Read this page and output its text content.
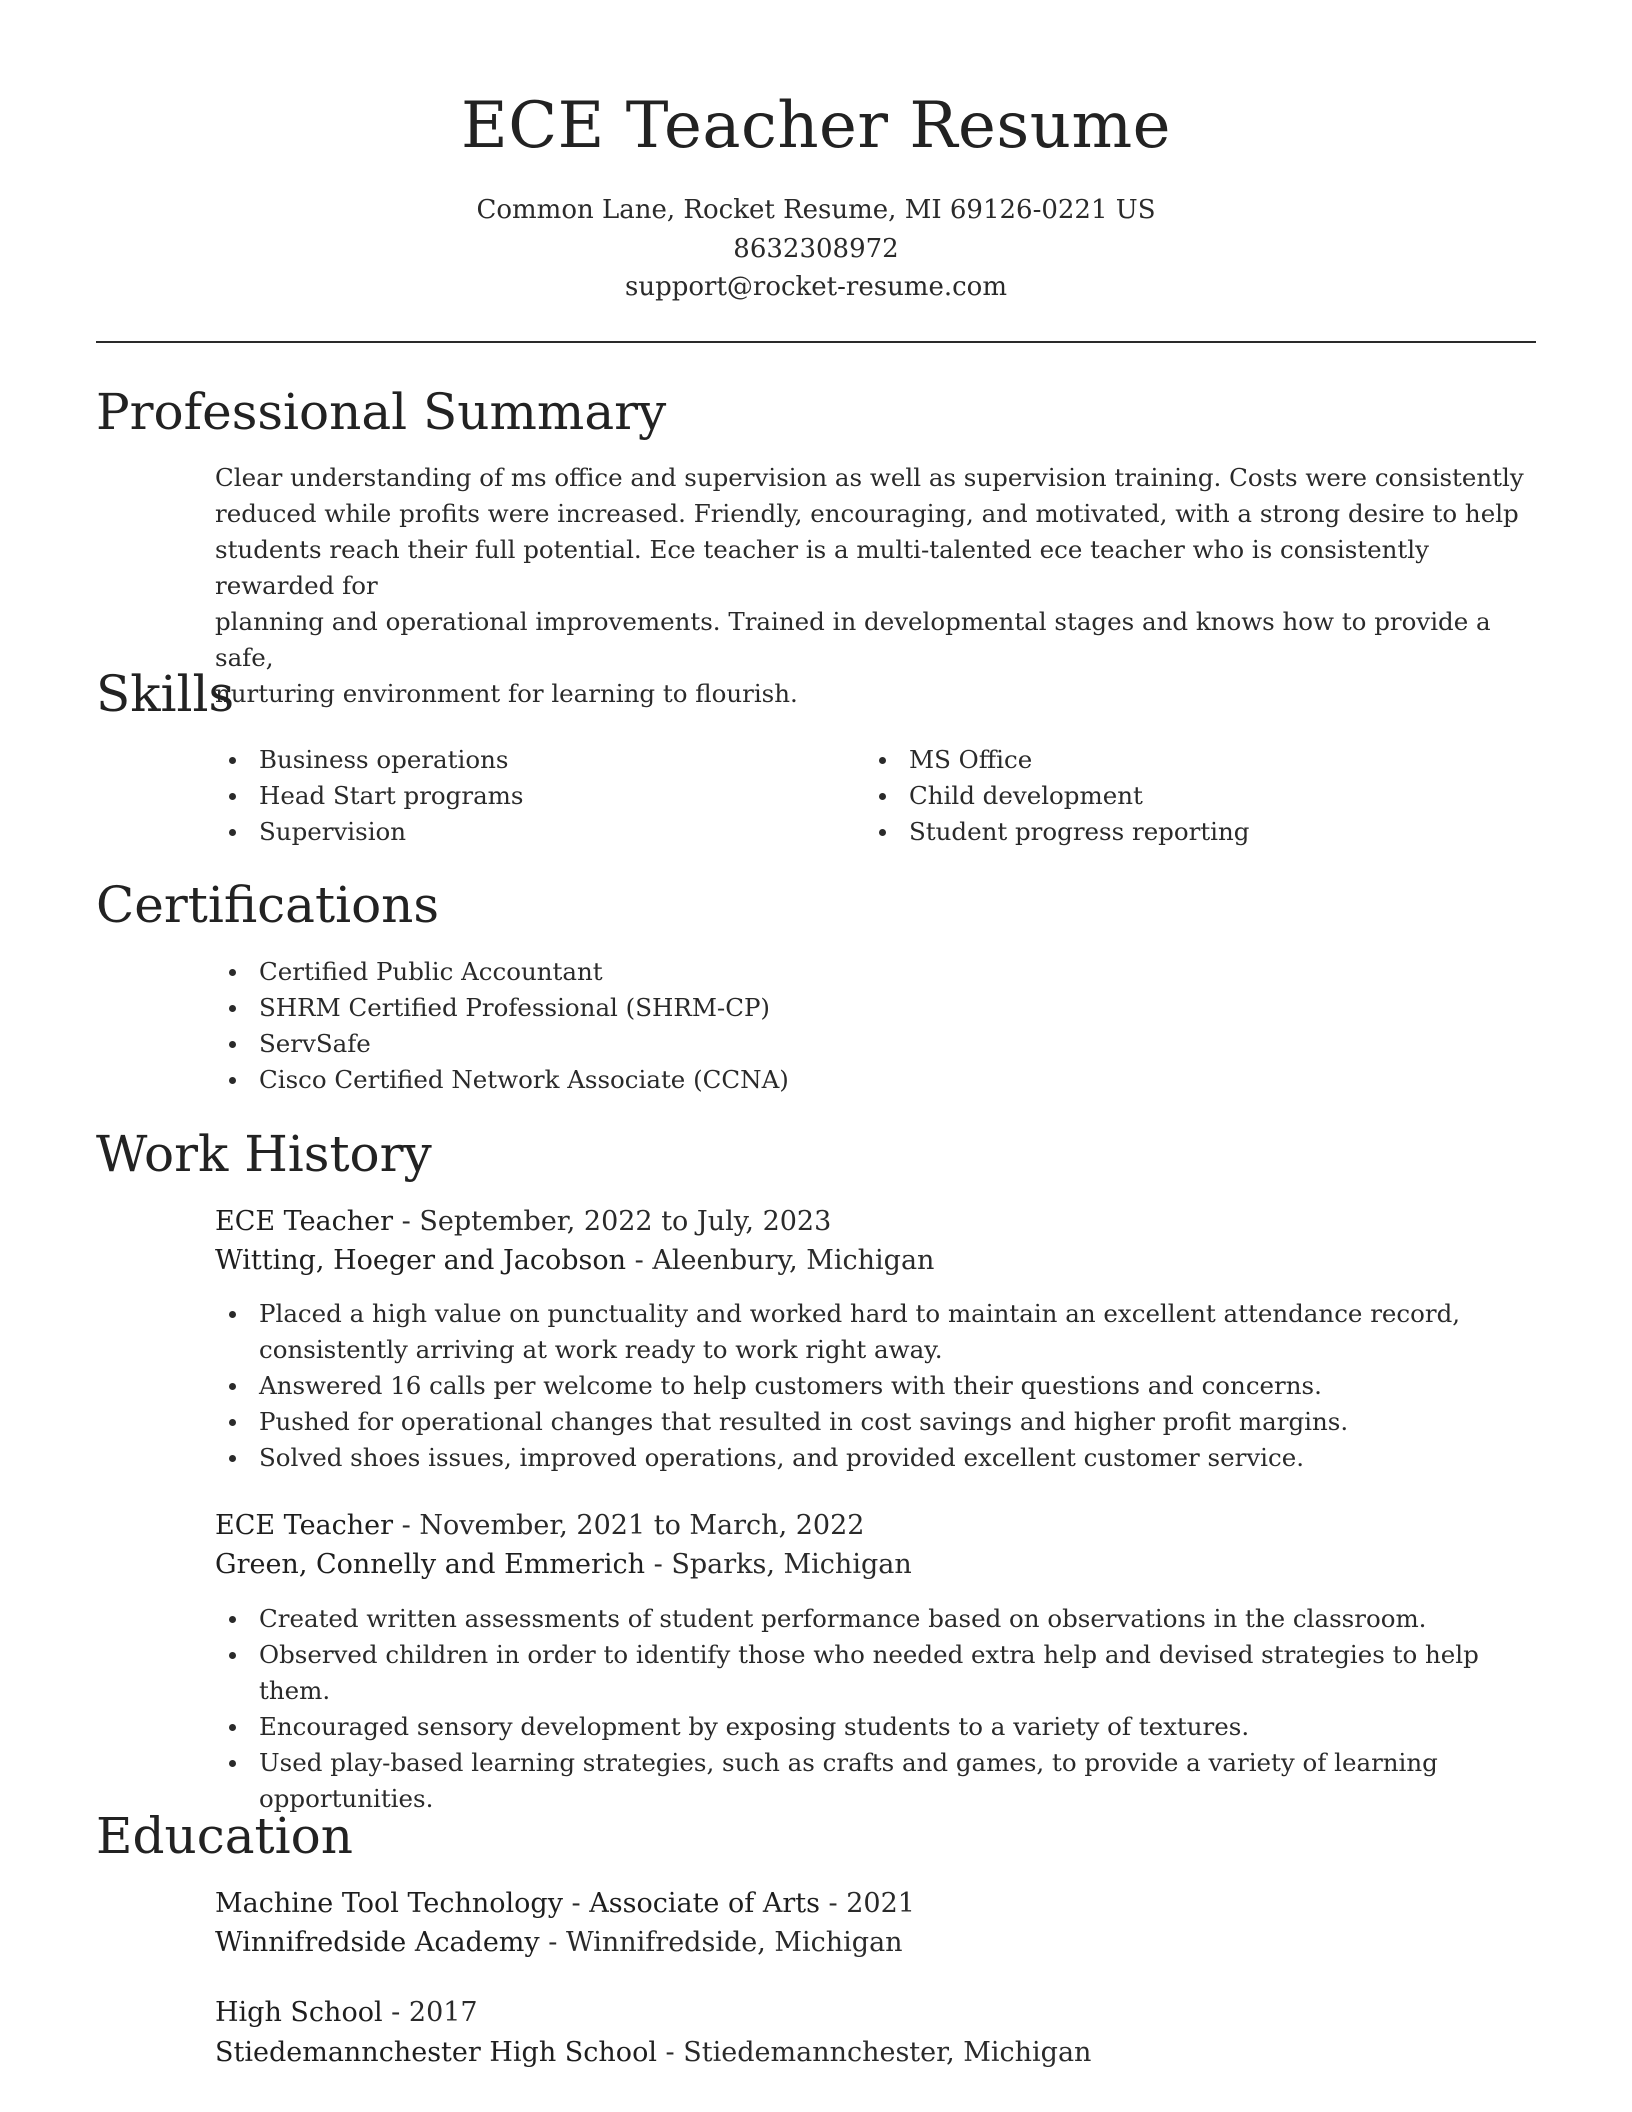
ECE Teacher Resume
Common Lane, Rocket Resume, MI 69126-0221 US
8632308972
support@rocket-resume.com
Professional Summary
Clear understanding of ms office and supervision as well as supervision training. Costs were consistently
reduced while profits were increased. Friendly, encouraging, and motivated, with a strong desire to help
students reach their full potential. Ece teacher is a multi-talented ece teacher who is consistently rewarded for
planning and operational improvements. Trained in developmental stages and knows how to provide a safe,
nurturing environment for learning to flourish.
Skills
Business operations
Head Start programs
Supervision
MS Office
Child development
Student progress reporting
Certifications
Certified Public Accountant
SHRM Certified Professional (SHRM-CP)
ServSafe
Cisco Certified Network Associate (CCNA)
Work History
ECE Teacher - September, 2022 to July, 2023
Witting, Hoeger and Jacobson - Aleenbury, Michigan
Placed a high value on punctuality and worked hard to maintain an excellent attendance record,
consistently arriving at work ready to work right away.
Answered 16 calls per welcome to help customers with their questions and concerns.
Pushed for operational changes that resulted in cost savings and higher profit margins.
Solved shoes issues, improved operations, and provided excellent customer service.
ECE Teacher - November, 2021 to March, 2022
Green, Connelly and Emmerich - Sparks, Michigan
Created written assessments of student performance based on observations in the classroom.
Observed children in order to identify those who needed extra help and devised strategies to help them.
Encouraged sensory development by exposing students to a variety of textures.
Used play-based learning strategies, such as crafts and games, to provide a variety of learning
opportunities.
Education
Machine Tool Technology - Associate of Arts - 2021
Winnifredside Academy - Winnifredside, Michigan
High School - 2017
Stiedemannchester High School - Stiedemannchester, Michigan
